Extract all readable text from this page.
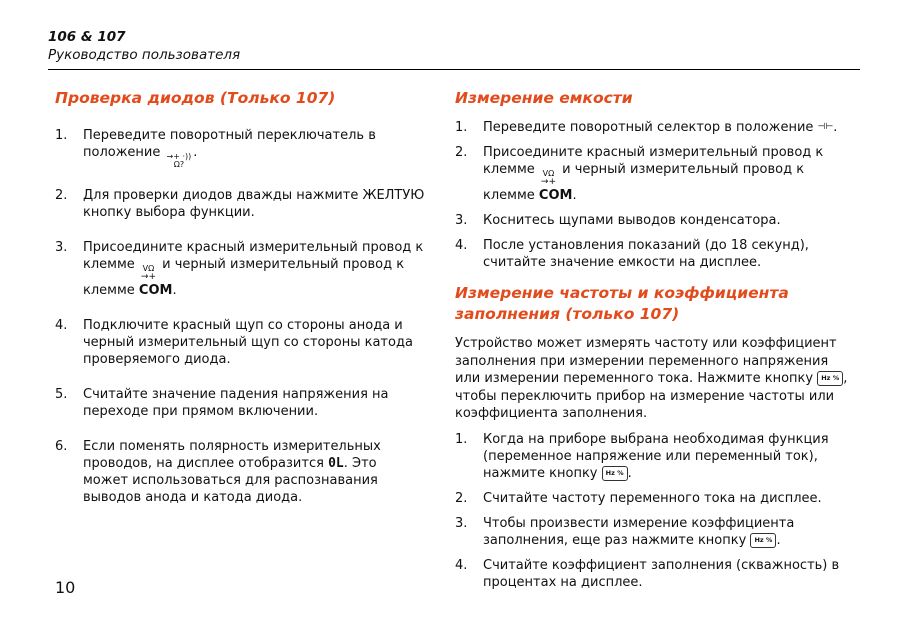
106 & 107
Руководство пользователя
Проверка диодов (Только 107)
1. Переведите поворотный переключатель в положение →+ ·))
Ω?
.
2. Для проверки диодов дважды нажмите ЖЕЛТУЮ кнопку выбора функции.
3. Присоедините красный измерительный провод к клемме VΩ
→+
и черный измерительный провод к клемме COM.
4. Подключите красный щуп со стороны анода и черный измерительный щуп со стороны катода проверяемого диода.
5. Считайте значение падения напряжения на переходе при прямом включении.
6. Если поменять полярность измерительных проводов, на дисплее отобразится 0L. Это может использоваться для распознавания выводов анода и катода диода.
Измерение емкости
1. Переведите поворотный селектор в положение ⊣⊢.
2. Присоедините красный измерительный провод к клемме VΩ
→+
и черный измерительный провод к клемме COM.
3. Коснитесь щупами выводов конденсатора.
4. После установления показаний (до 18 секунд), считайте значение емкости на дисплее.
Измерение частоты и коэффициента заполнения (только 107)
Устройство может измерять частоту или коэффициент заполнения при измерении переменного напряжения или измерении переменного тока. Нажмите кнопку Hz % , чтобы переключить прибор на измерение частоты или коэффициента заполнения.
1. Когда на приборе выбрана необходимая функция (переменное напряжение или переменный ток), нажмите кнопку Hz % .
2. Считайте частоту переменного тока на дисплее.
3. Чтобы произвести измерение коэффициента заполнения, еще раз нажмите кнопку Hz % .
4. Считайте коэффициент заполнения (скважность) в процентах на дисплее.
10
